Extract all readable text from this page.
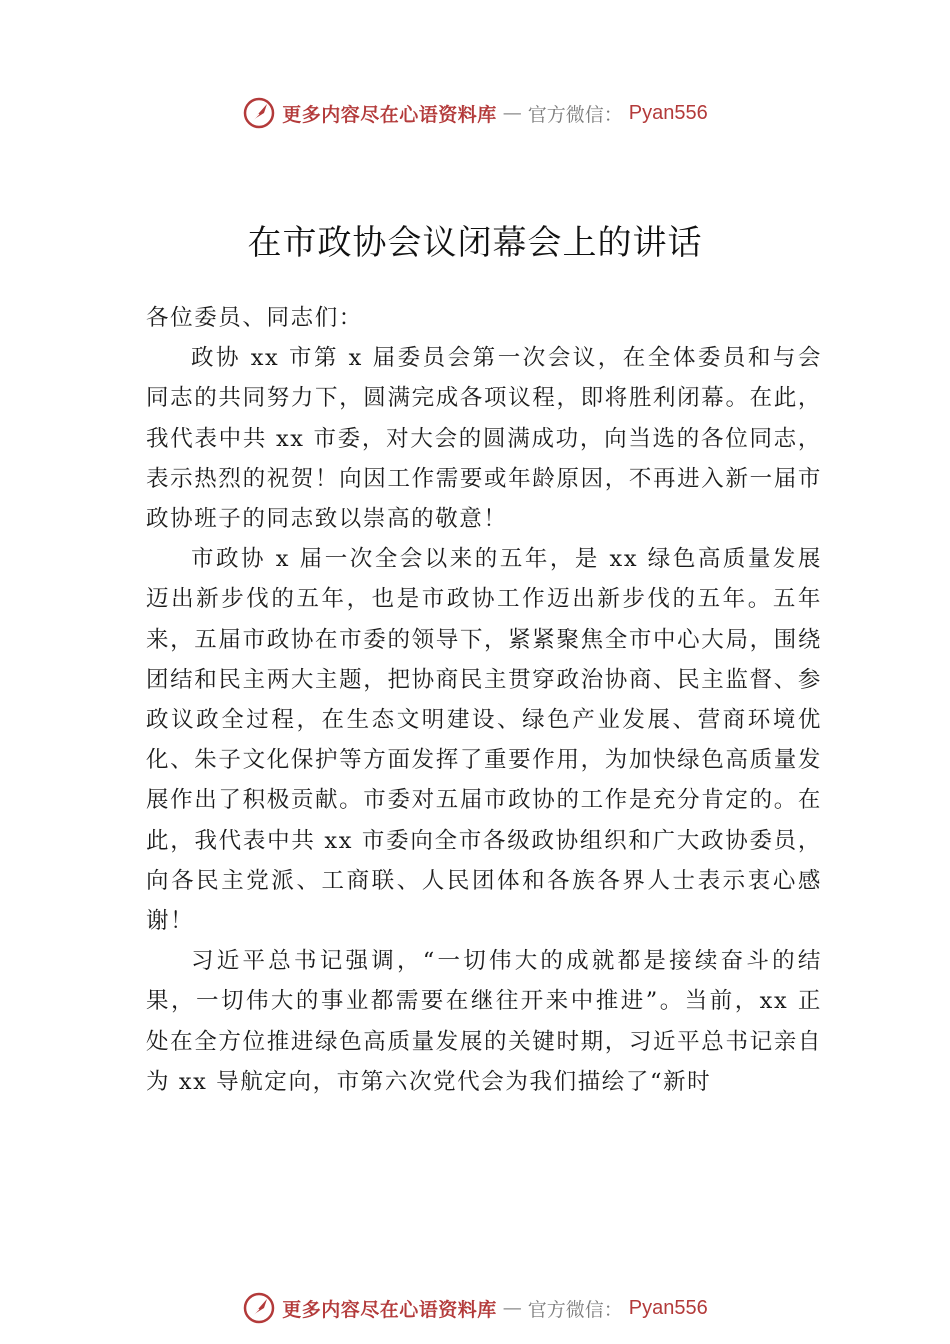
更多内容尽在心语资料库 — 官方微信： Pyan556
在市政协会议闭幕会上的讲话

各位委员、同志们：

政协 xx 市第 x 届委员会第一次会议，在全体委员和与会同志的共同努力下，圆满完成各项议程，即将胜利闭幕。在此，我代表中共 xx 市委，对大会的圆满成功，向当选的各位同志，表示热烈的祝贺！向因工作需要或年龄原因，不再进入新一届市政协班子的同志致以崇高的敬意！

市政协 x 届一次全会以来的五年，是 xx 绿色高质量发展迈出新步伐的五年，也是市政协工作迈出新步伐的五年。五年来，五届市政协在市委的领导下，紧紧聚焦全市中心大局，围绕团结和民主两大主题，把协商民主贯穿政治协商、民主监督、参政议政全过程，在生态文明建设、绿色产业发展、营商环境优化、朱子文化保护等方面发挥了重要作用，为加快绿色高质量发展作出了积极贡献。市委对五届市政协的工作是充分肯定的。在此，我代表中共 xx 市委向全市各级政协组织和广大政协委员，向各民主党派、工商联、人民团体和各族各界人士表示衷心感谢！

习近平总书记强调，“一切伟大的成就都是接续奋斗的结果，一切伟大的事业都需要在继往开来中推进”。当前，xx 正处在全方位推进绿色高质量发展的关键时期，习近平总书记亲自为 xx 导航定向，市第六次党代会为我们描绘了“新时

更多内容尽在心语资料库 — 官方微信： Pyan556
